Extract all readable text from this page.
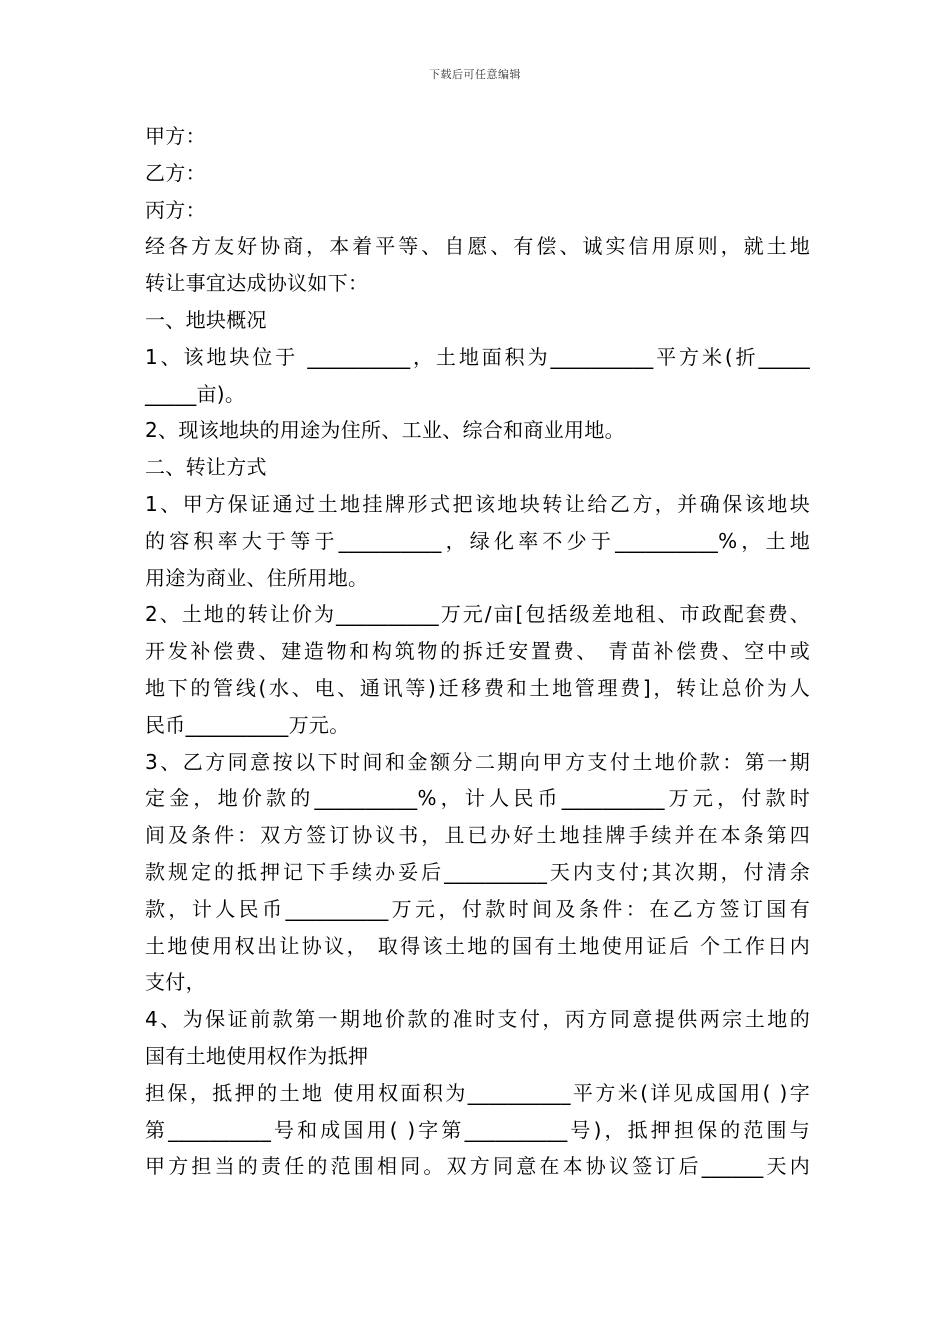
下载后可任意编辑
甲方：
乙方：
丙方：
经各方友好协商，本着平等、自愿、有偿、诚实信用原则，就土地
转让事宜达成协议如下：
一、地块概况
1、该地块位于 __________，土地面积为__________平方米(折_____
_____亩)。
2、现该地块的用途为住所、工业、综合和商业用地。
二、转让方式
1、甲方保证通过土地挂牌形式把该地块转让给乙方，并确保该地块
的容积率大于等于__________，绿化率不少于__________%，土地
用途为商业、住所用地。
2、土地的转让价为__________万元/亩[包括级差地租、市政配套费、
开发补偿费、建造物和构筑物的拆迁安置费、 青苗补偿费、空中或
地下的管线(水、电、通讯等)迁移费和土地管理费]，转让总价为人
民币__________万元。
3、乙方同意按以下时间和金额分二期向甲方支付土地价款：第一期
定金，地价款的__________%，计人民币__________万元，付款时
间及条件：双方签订协议书，且已办好土地挂牌手续并在本条第四
款规定的抵押记下手续办妥后__________天内支付;其次期，付清余
款，计人民币__________万元，付款时间及条件：在乙方签订国有
土地使用权出让协议， 取得该土地的国有土地使用证后 个工作日内
支付，
4、为保证前款第一期地价款的准时支付，丙方同意提供两宗土地的
国有土地使用权作为抵押
担保，抵押的土地 使用权面积为__________平方米(详见成国用( )字
第__________号和成国用( )字第__________号)，抵押担保的范围与
甲方担当的责任的范围相同。双方同意在本协议签订后______天内
